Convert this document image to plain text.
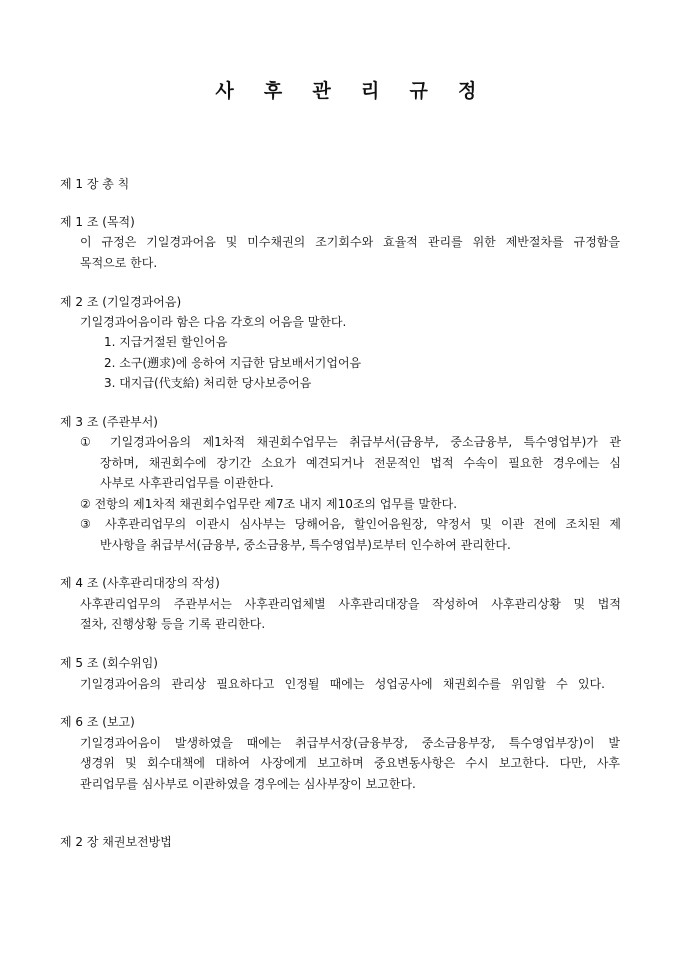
사 후 관 리 규 정
제 1 장 총 칙
제 1 조 (목적)
이 규정은 기일경과어음 및 미수채권의 조기회수와 효율적 관리를 위한 제반절차를 규정함을
목적으로 한다.
제 2 조 (기일경과어음)
기일경과어음이라 함은 다음 각호의 어음을 말한다.
1. 지급거절된 할인어음
2. 소구(遡求)에 응하여 지급한 담보배서기업어음
3. 대지급(代支給) 처리한 당사보증어음
제 3 조 (주관부서)
① 기일경과어음의 제1차적 채권회수업무는 취급부서(금융부, 중소금융부, 특수영업부)가 관
장하며, 채권회수에 장기간 소요가 예견되거나 전문적인 법적 수속이 필요한 경우에는 심
사부로 사후관리업무를 이관한다.
② 전항의 제1차적 채권회수업무란 제7조 내지 제10조의 업무를 말한다.
③ 사후관리업무의 이관시 심사부는 당해어음, 할인어음원장, 약정서 및 이관 전에 조치된 제
반사항을 취급부서(금융부, 중소금융부, 특수영업부)로부터 인수하여 관리한다.
제 4 조 (사후관리대장의 작성)
사후관리업무의 주관부서는 사후관리업체별 사후관리대장을 작성하여 사후관리상황 및 법적
절차, 진행상황 등을 기록 관리한다.
제 5 조 (회수위임)
기일경과어음의 관리상 필요하다고 인정될 때에는 성업공사에 채권회수를 위임할 수 있다.
제 6 조 (보고)
기일경과어음이 발생하였을 때에는 취급부서장(금융부장, 중소금융부장, 특수영업부장)이 발
생경위 및 회수대책에 대하여 사장에게 보고하며 중요변동사항은 수시 보고한다. 다만, 사후
관리업무를 심사부로 이관하였을 경우에는 심사부장이 보고한다.
제 2 장 채권보전방법
